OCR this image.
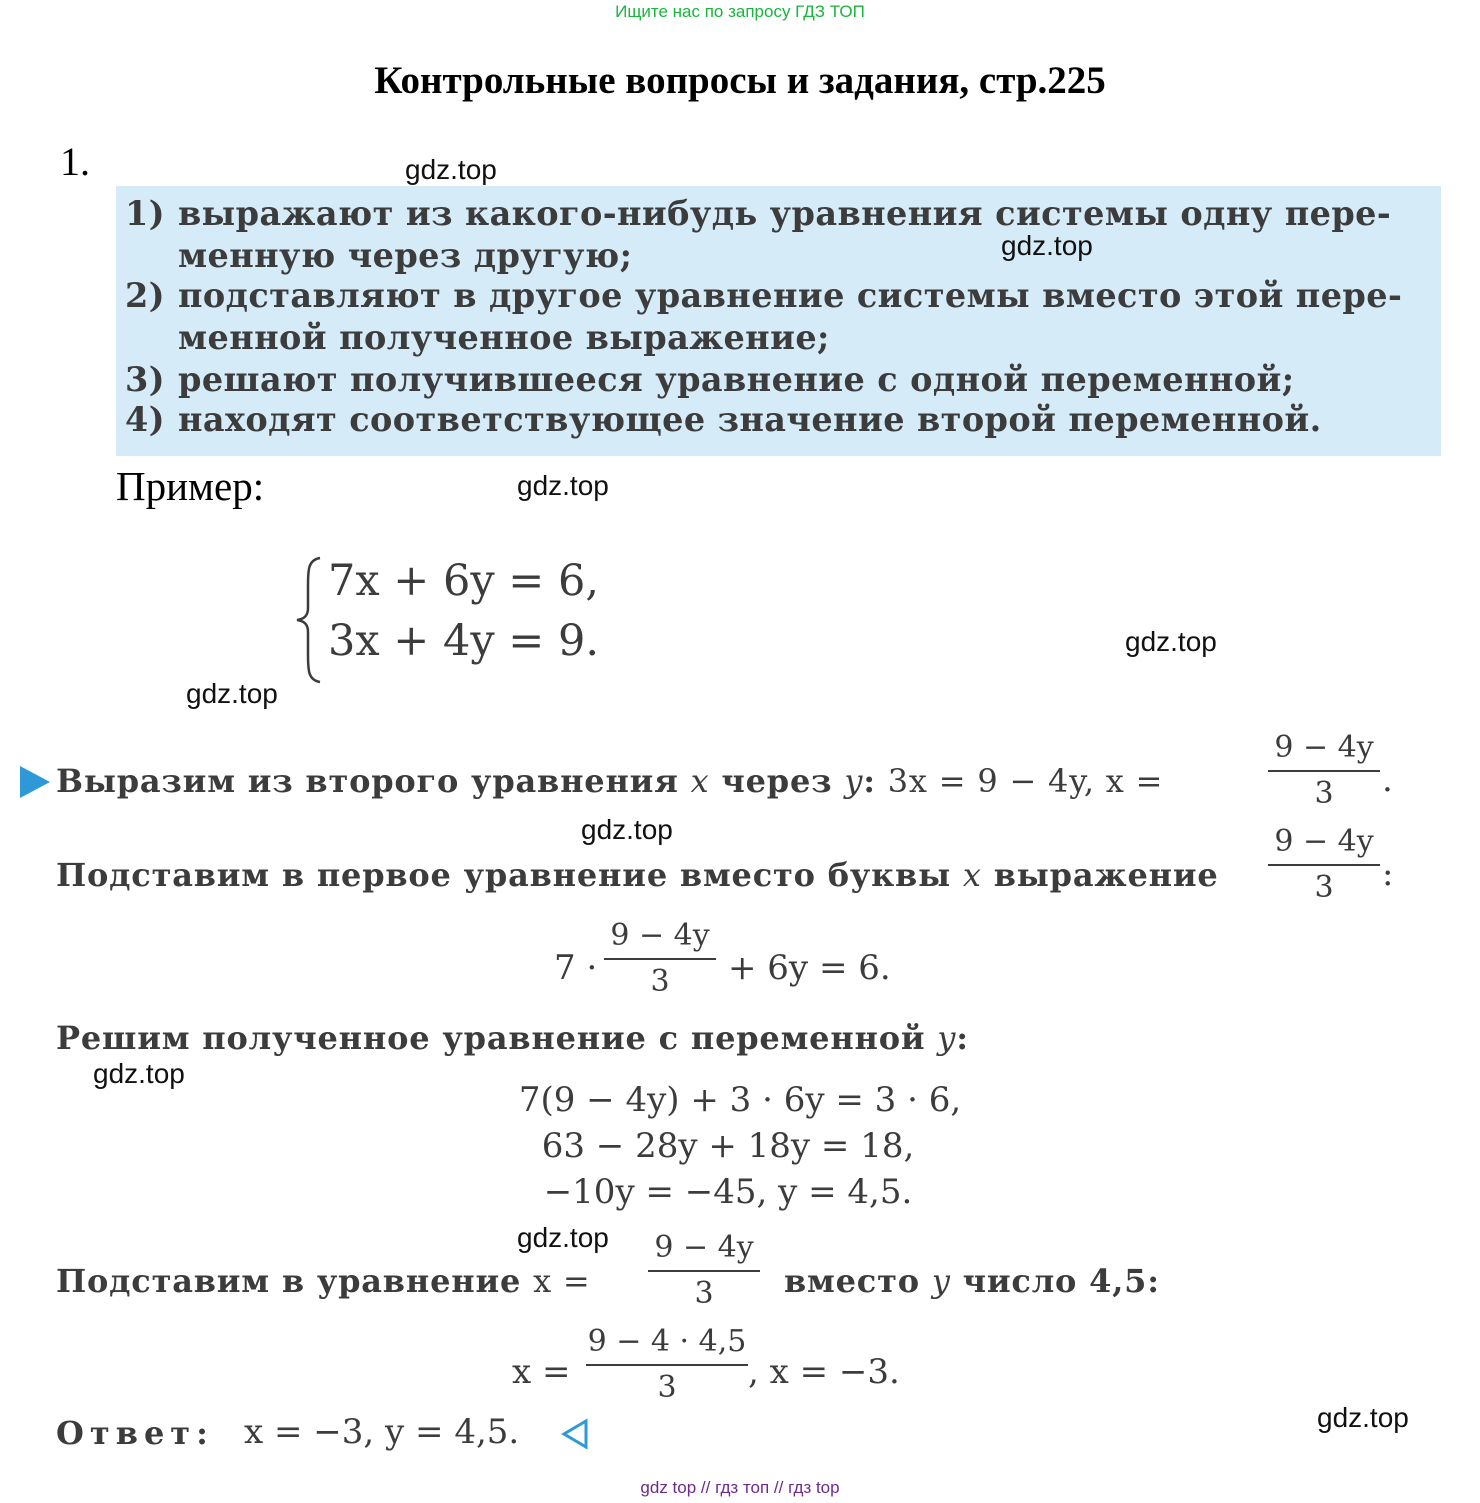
Ищите нас по запросу ГДЗ ТОП
Контрольные вопросы и задания, стр.225
1.	gdz.top
1) выражают из какого-нибудь уравнения системы одну пере-
менную через другую;
2) подставляют в другое уравнение системы вместо этой пере-
менной полученное выражение;
3) решают получившееся уравнение с одной переменной;
4) находят соответствующее значение второй переменной.
gdz.top
Пример:	gdz.top
7x + 6y = 6,
3x + 4y = 9.	gdz.top
gdz.top
Выразим из второго уравнения x через y: 3x = 9 − 4y, x =
9 − 4y
3	.
gdz.top
Подставим в первое уравнение вместо буквы x выражение
9 − 4y
3	:
7 ·
9 − 4y
3	+ 6y = 6.
Решим полученное уравнение с переменной y:
gdz.top
7(9 − 4y) + 3 · 6y = 3 · 6,
63 − 28y + 18y = 18,
−10y = −45, y = 4,5.
gdz.top
Подставим в уравнение x =
9 − 4y
3	вместо y число 4,5:
x =
9 − 4 · 4,5
3	, x = −3.
gdz.top
Ответ: x = −3, y = 4,5.
gdz top // гдз топ // гдз top
